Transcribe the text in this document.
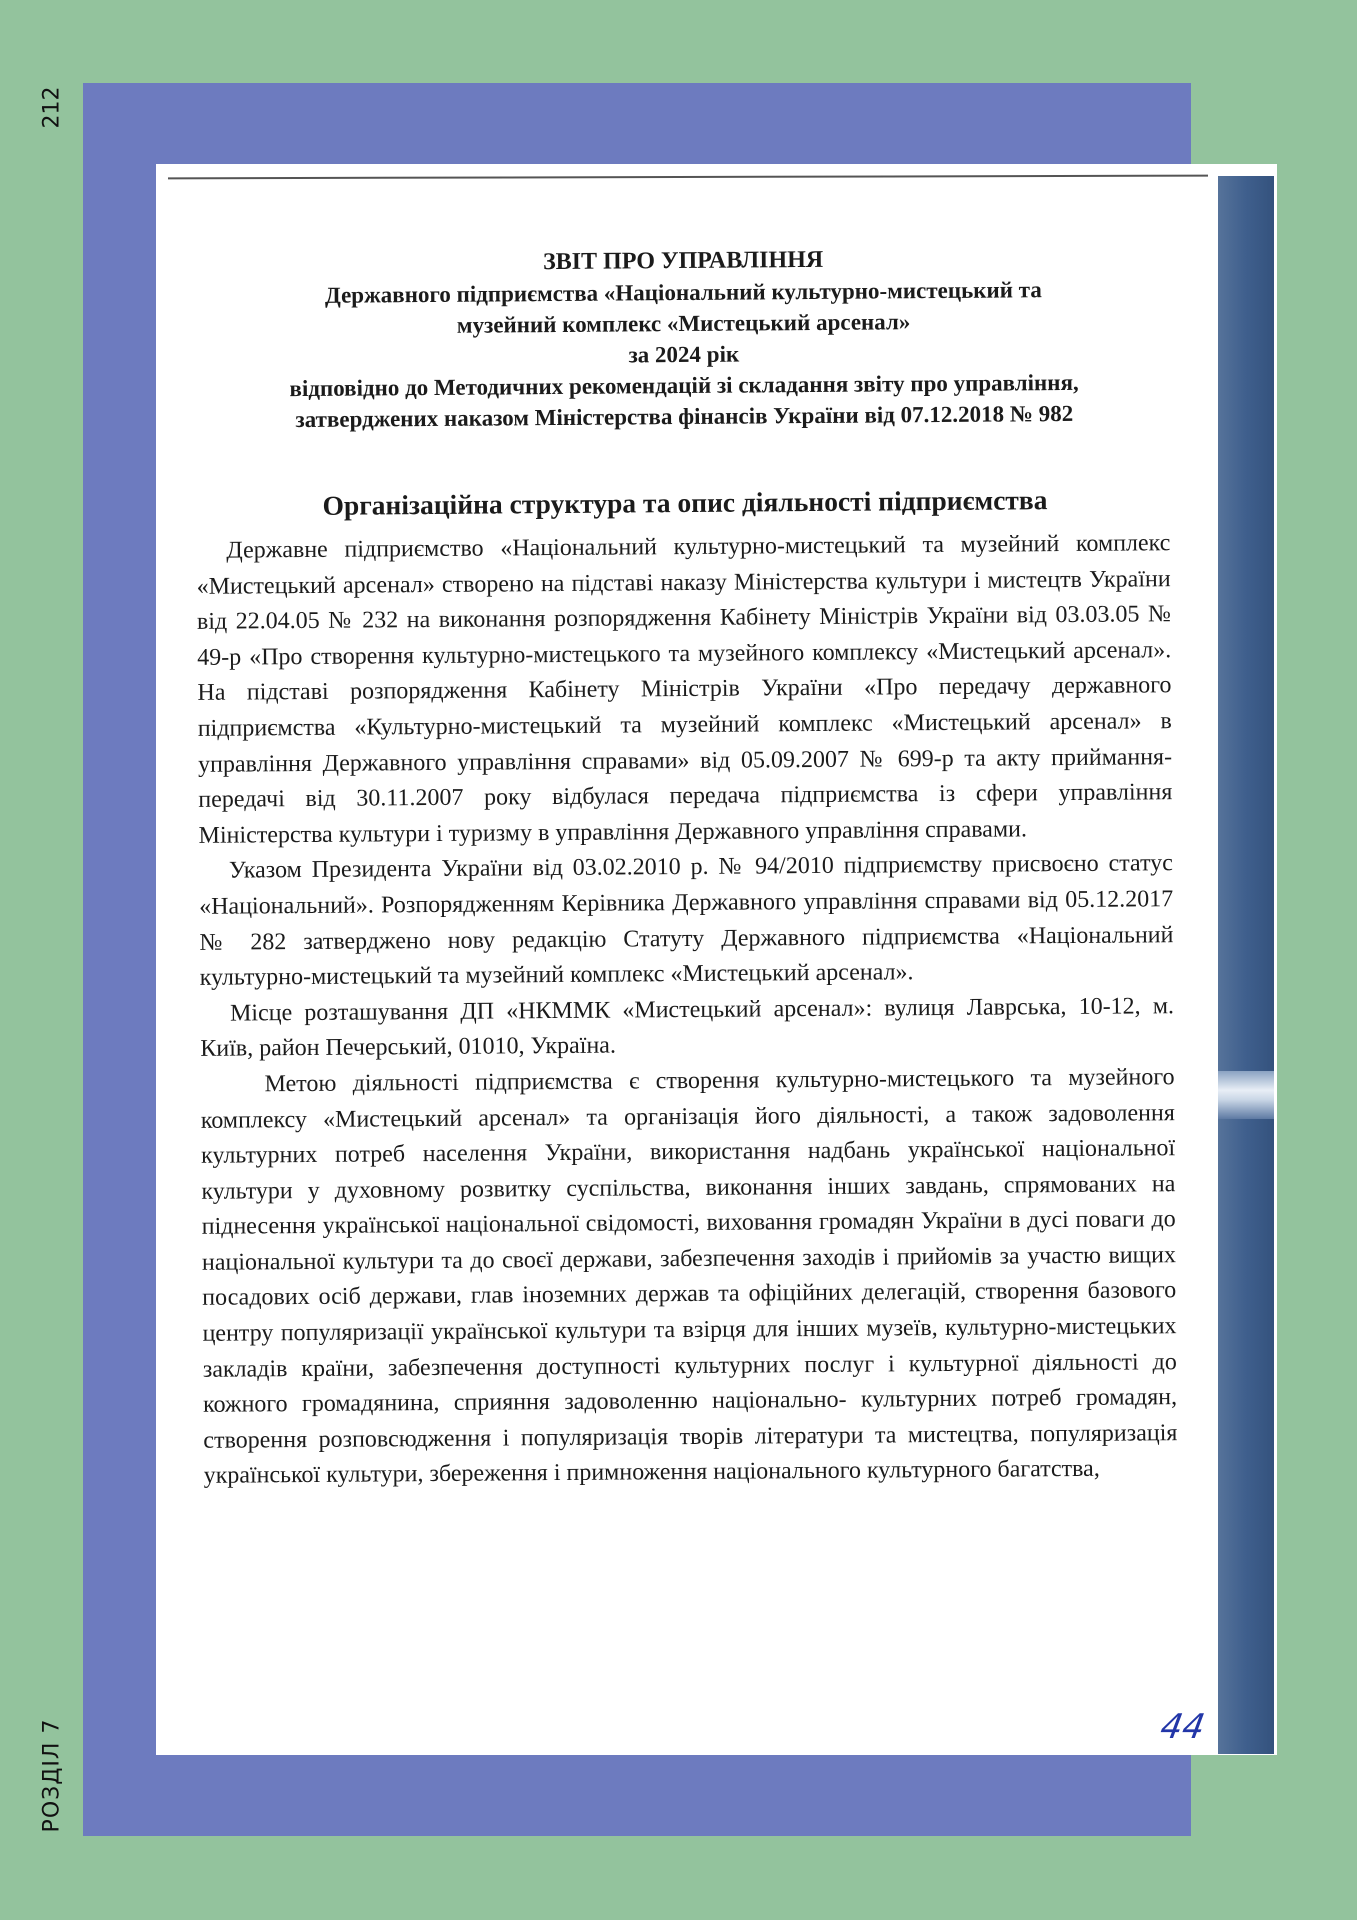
212
РОЗДІЛ 7

ЗВІТ ПРО УПРАВЛІННЯ

Державного підприємства «Національний культурно-мистецький та

музейний комплекс «Мистецький арсенал»

за 2024 рік

відповідно до Методичних рекомендацій зі складання звіту про управління,

затверджених наказом Міністерства фінансів України від 07.12.2018 № 982

Організаційна структура та опис діяльності підприємства

Державне підприємство «Національний культурно-мистецький та музейний комплекс «Мистецький арсенал» створено на підставі наказу Міністерства культури і мистецтв України від 22.04.05 № 232 на виконання розпорядження Кабінету Міністрів України від 03.03.05 № 49-р «Про створення культурно-мистецького та музейного комплексу «Мистецький арсенал». На підставі розпорядження Кабінету Міністрів України «Про передачу державного підприємства «Культурно-мистецький та музейний комплекс «Мистецький арсенал» в управління Державного управління справами» від 05.09.2007 № 699-р та акту приймання-передачі від 30.11.2007 року відбулася передача підприємства із сфери управління Міністерства культури і туризму в управління Державного управління справами.

Указом Президента України від 03.02.2010 р. № 94/2010 підприємству присвоєно статус «Національний». Розпорядженням Керівника Державного управління справами від 05.12.2017 № 282 затверджено нову редакцію Статуту Державного підприємства «Національний культурно-мистецький та музейний комплекс «Мистецький арсенал».

Місце розташування ДП «НКММК «Мистецький арсенал»: вулиця Лаврська, 10-12, м. Київ, район Печерський, 01010, Україна.

Метою діяльності підприємства є створення культурно-мистецького та музейного комплексу «Мистецький арсенал» та організація його діяльності, а також задоволення культурних потреб населення України, використання надбань української національної культури у духовному розвитку суспільства, виконання інших завдань, спрямованих на піднесення української національної свідомості, виховання громадян України в дусі поваги до національної культури та до своєї держави, забезпечення заходів і прийомів за участю вищих посадових осіб держави, глав іноземних держав та офіційних делегацій, створення базового центру популяризації української культури та взірця для інших музеїв, культурно-мистецьких закладів країни, забезпечення доступності культурних послуг і культурної діяльності до кожного громадянина, сприяння задоволенню національно- культурних потреб громадян, створення розповсюдження і популяризація творів літератури та мистецтва, популяризація української культури, збереження і примноження національного культурного багатства,

44
